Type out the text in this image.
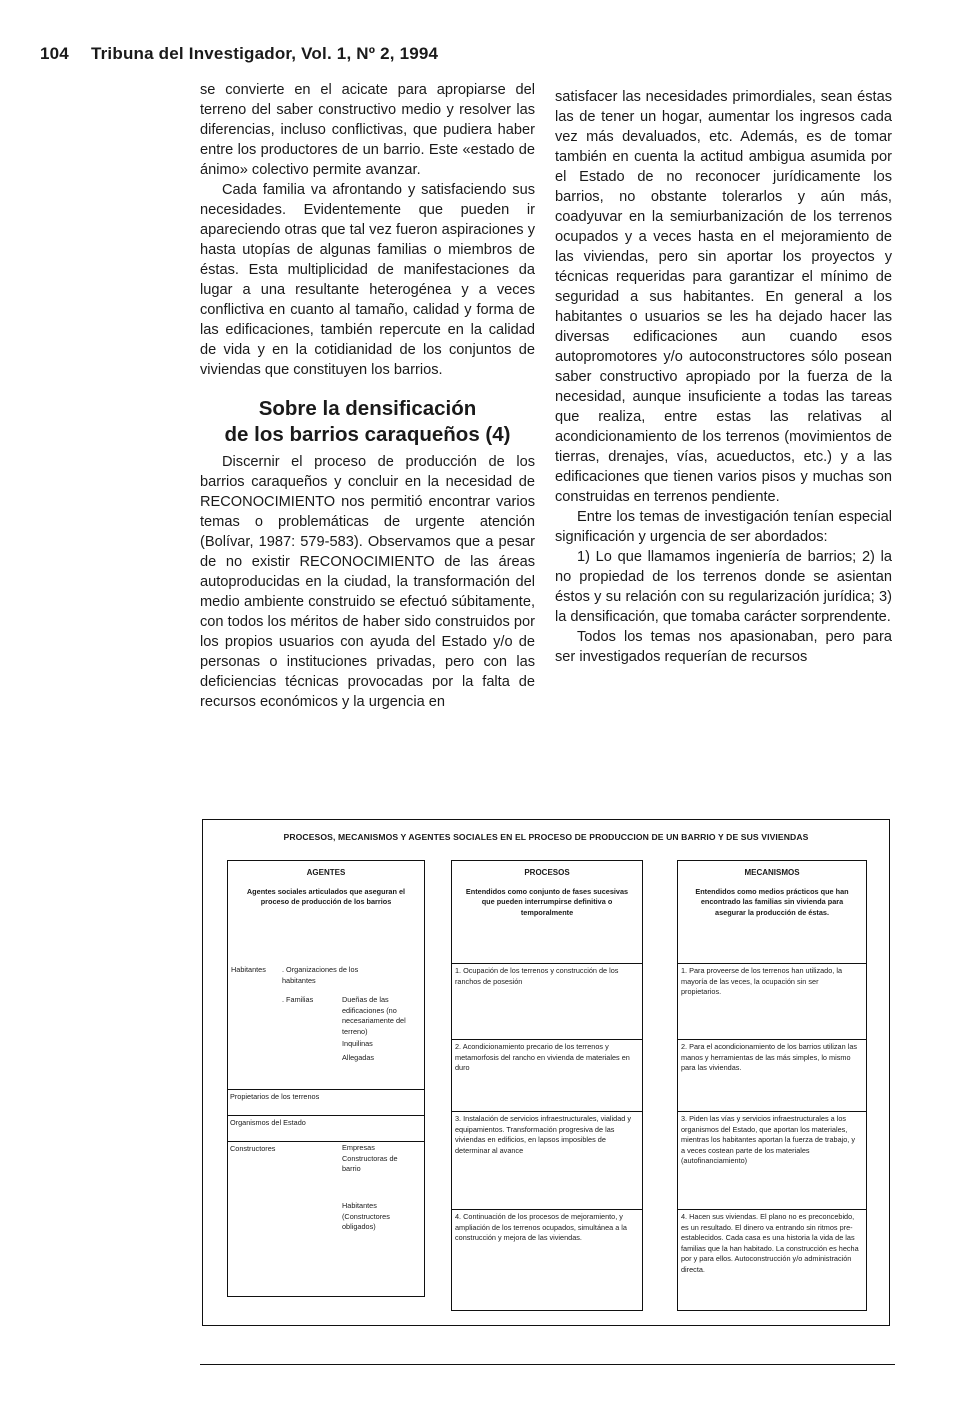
104 Tribuna del Investigador, Vol. 1, Nº 2, 1994

se convierte en el acicate para apropiarse del terreno del saber constructivo medio y resolver las diferencias, incluso conflictivas, que pudiera haber entre los productores de un barrio. Este «estado de ánimo» colectivo permite avanzar.

Cada familia va afrontando y satisfaciendo sus necesidades. Evidentemente que pueden ir apareciendo otras que tal vez fueron aspiraciones y hasta utopías de algunas familias o miembros de éstas. Esta multiplicidad de manifestaciones da lugar a una resultante heterogénea y a veces conflictiva en cuanto al tamaño, calidad y forma de las edificaciones, también repercute en la calidad de vida y en la cotidianidad de los conjuntos de viviendas que constituyen los barrios.

Sobre la densificación
de los barrios caraqueños (4)

Discernir el proceso de producción de los barrios caraqueños y concluir en la necesidad de RECONOCIMIENTO nos permitió encontrar varios temas o problemáticas de urgente atención (Bolívar, 1987: 579-583). Observamos que a pesar de no existir RECONOCIMIENTO de las áreas autoproducidas en la ciudad, la transformación del medio ambiente construido se efectuó súbitamente, con todos los méritos de haber sido construidos por los propios usuarios con ayuda del Estado y/o de personas o instituciones privadas, pero con las deficiencias técnicas provocadas por la falta de recursos económicos y la urgencia en

satisfacer las necesidades primordiales, sean éstas las de tener un hogar, aumentar los ingresos cada vez más devaluados, etc. Además, es de tomar también en cuenta la actitud ambigua asumida por el Estado de no reconocer jurídicamente los barrios, no obstante tolerarlos y aún más, coadyuvar en la semiurbanización de los terrenos ocupados y a veces hasta en el mejoramiento de las viviendas, pero sin aportar los proyectos y técnicas requeridas para garantizar el mínimo de seguridad a sus habitantes. En general a los habitantes o usuarios se les ha dejado hacer las diversas edificaciones aun cuando esos autopromotores y/o autoconstructores sólo posean saber constructivo apropiado por la fuerza de la necesidad, aunque insuficiente a todas las tareas que realiza, entre estas las relativas al acondicionamiento de los terrenos (movimientos de tierras, drenajes, vías, acueductos, etc.) y a las edificaciones que tienen varios pisos y muchas son construidas en terrenos pendiente.

Entre los temas de investigación tenían especial significación y urgencia de ser abordados:

1) Lo que llamamos ingeniería de barrios; 2) la no propiedad de los terrenos donde se asientan éstos y su relación con su regularización jurídica; 3) la densificación, que tomaba carácter sorprendente.

Todos los temas nos apasionaban, pero para ser investigados requerían de recursos

PROCESOS, MECANISMOS Y AGENTES SOCIALES EN EL PROCESO DE PRODUCCION DE UN BARRIO Y DE SUS VIVIENDAS
AGENTES
Agentes sociales articulados que aseguran el proceso de producción de los barrios
Habitantes . Organizaciones de los habitantes
. Familias	Dueñas de las edificaciones (no necesariamente del terreno)
Inquilinas
Allegadas
Propietarios de los terrenos
Organismos del Estado
Constructores	Empresas Constructoras de barrio
Habitantes (Constructores obligados)
PROCESOS
Entendidos como conjunto de fases sucesivas que pueden interrumpirse definitiva o temporalmente
1. Ocupación de los terrenos y construcción de los ranchos de posesión
2. Acondicionamiento precario de los terrenos y metamorfosis del rancho en vivienda de materiales en duro
3. Instalación de servicios infraestructurales, vialidad y equipamientos. Transformación progresiva de las viviendas en edificios, en lapsos imposibles de determinar al avance
4. Continuación de los procesos de mejoramiento, y ampliación de los terrenos ocupados, simultánea a la construcción y mejora de las viviendas.
MECANISMOS
Entendidos como medios prácticos que han encontrado las familias sin vivienda para asegurar la producción de éstas.
1. Para proveerse de los terrenos han utilizado, la mayoría de las veces, la ocupación sin ser propietarios.
2. Para el acondicionamiento de los barrios utilizan las manos y herramientas de las más simples, lo mismo para las viviendas.
3. Piden las vías y servicios infraestructurales a los organismos del Estado, que aportan los materiales, mientras los habitantes aportan la fuerza de trabajo, y a veces costean parte de los materiales (autofinanciamiento)
4. Hacen sus viviendas. El plano no es preconcebido, es un resultado. El dinero va entrando sin ritmos pre-establecidos. Cada casa es una historia la vida de las familias que la han habitado. La construcción es hecha por y para ellos. Autoconstrucción y/o administración directa.
